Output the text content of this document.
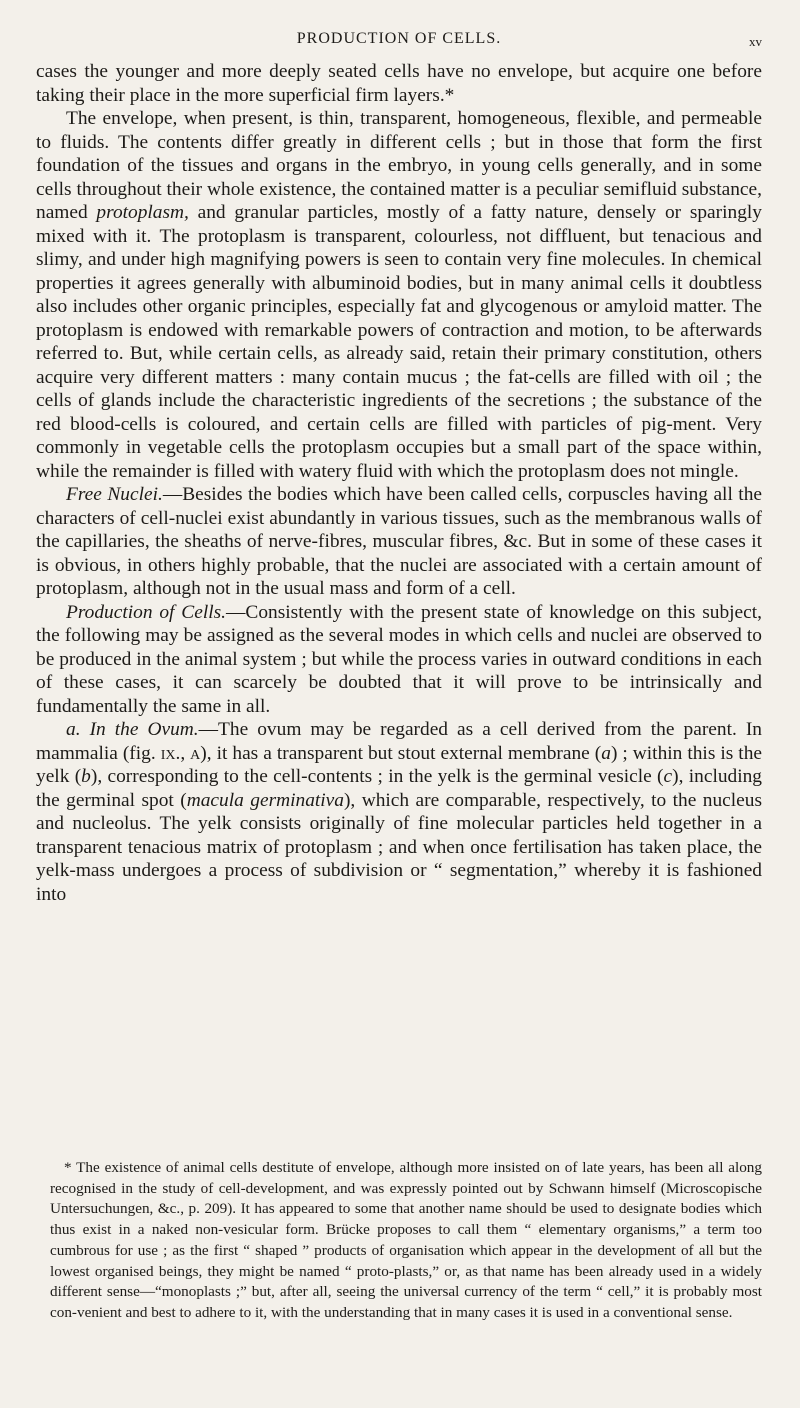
PRODUCTION OF CELLS.	xv

cases the younger and more deeply seated cells have no envelope, but acquire one before taking their place in the more superficial firm layers.*

The envelope, when present, is thin, transparent, homogeneous, flexible, and permeable to fluids. The contents differ greatly in different cells ; but in those that form the first foundation of the tissues and organs in the embryo, in young cells generally, and in some cells throughout their whole existence, the contained matter is a peculiar semifluid substance, named protoplasm, and granular particles, mostly of a fatty nature, densely or sparingly mixed with it. The protoplasm is transparent, colourless, not diffluent, but tenacious and slimy, and under high magnifying powers is seen to contain very fine molecules. In chemical properties it agrees generally with albuminoid bodies, but in many animal cells it doubtless also includes other organic principles, especially fat and glycogenous or amyloid matter. The protoplasm is endowed with remarkable powers of contraction and motion, to be afterwards referred to. But, while certain cells, as already said, retain their primary constitution, others acquire very different matters : many contain mucus ; the fat-cells are filled with oil ; the cells of glands include the characteristic ingredients of the secretions ; the substance of the red blood-cells is coloured, and certain cells are filled with particles of pig-ment. Very commonly in vegetable cells the protoplasm occupies but a small part of the space within, while the remainder is filled with watery fluid with which the protoplasm does not mingle.

Free Nuclei.—Besides the bodies which have been called cells, corpuscles having all the characters of cell-nuclei exist abundantly in various tissues, such as the membranous walls of the capillaries, the sheaths of nerve-fibres, muscular fibres, &c. But in some of these cases it is obvious, in others highly probable, that the nuclei are associated with a certain amount of protoplasm, although not in the usual mass and form of a cell.

Production of Cells.—Consistently with the present state of knowledge on this subject, the following may be assigned as the several modes in which cells and nuclei are observed to be produced in the animal system ; but while the process varies in outward conditions in each of these cases, it can scarcely be doubted that it will prove to be intrinsically and fundamentally the same in all.

a. In the Ovum.—The ovum may be regarded as a cell derived from the parent. In mammalia (fig. ix., a), it has a transparent but stout external membrane (a) ; within this is the yelk (b), corresponding to the cell-contents ; in the yelk is the germinal vesicle (c), including the germinal spot (macula germinativa), which are comparable, respectively, to the nucleus and nucleolus. The yelk consists originally of fine molecular particles held together in a transparent tenacious matrix of protoplasm ; and when once fertilisation has taken place, the yelk-mass undergoes a process of subdivision or “ segmentation,” whereby it is fashioned into

* The existence of animal cells destitute of envelope, although more insisted on of late years, has been all along recognised in the study of cell-development, and was expressly pointed out by Schwann himself (Microscopische Untersuchungen, &c., p. 209). It has appeared to some that another name should be used to designate bodies which thus exist in a naked non-vesicular form. Brücke proposes to call them “ elementary organisms,” a term too cumbrous for use ; as the first “ shaped ” products of organisation which appear in the development of all but the lowest organised beings, they might be named “ proto-plasts,” or, as that name has been already used in a widely different sense—“monoplasts ;” but, after all, seeing the universal currency of the term “ cell,” it is probably most con-venient and best to adhere to it, with the understanding that in many cases it is used in a conventional sense.
